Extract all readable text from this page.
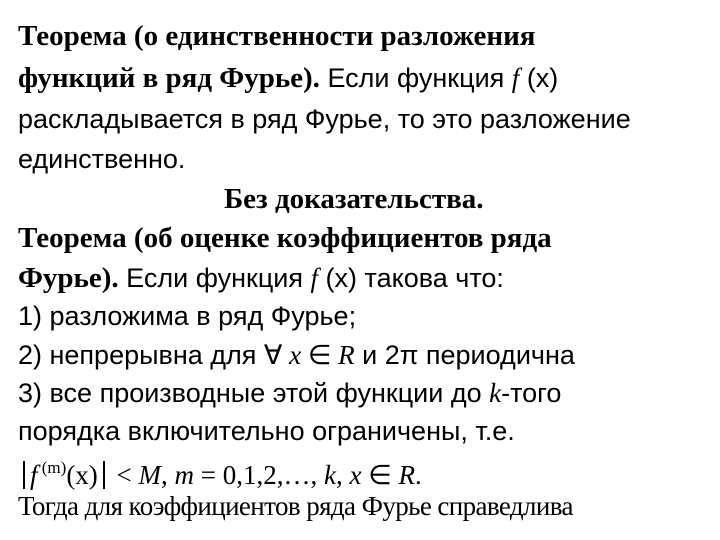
Теорема (о единственности разложения
функций в ряд Фурье). Если функция f (x)
раскладывается в ряд Фурье, то это разложение
единственно.
Без доказательства.
Теорема (об оценке коэффициентов ряда
Фурье). Если функция f (x) такова что:
1) разложима в ряд Фурье;
2) непрерывна для ∀ x ∈ R и 2π периодична
3) все производные этой функции до k-того
порядка включительно ограничены, т.е.
f $^{(m)}$(x) < M, m = 0,1,2,…, k, x ∈ R.
Тогда для коэффициентов ряда Фурье справедлива
